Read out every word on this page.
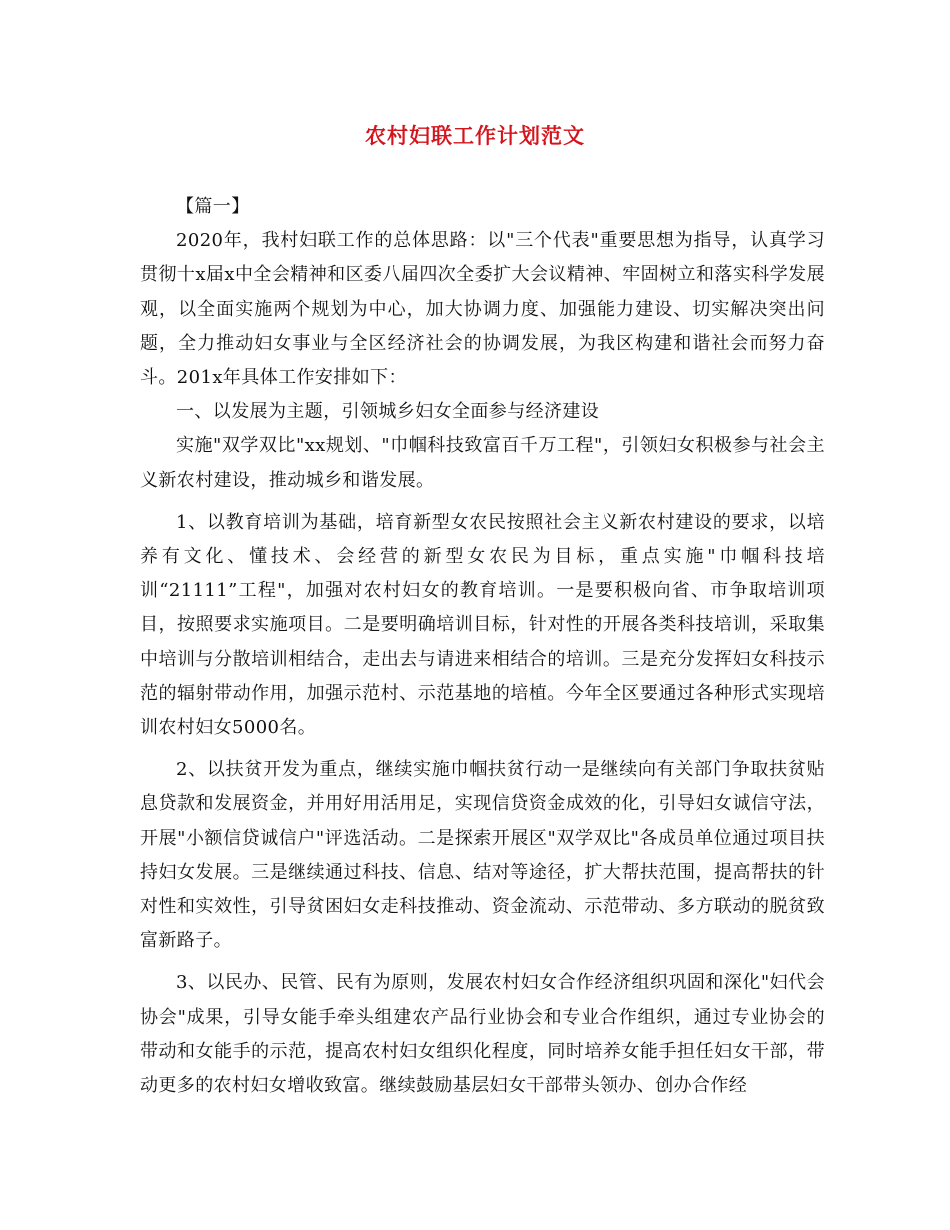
农村妇联工作计划范文

【篇一】

2020年，我村妇联工作的总体思路：以"三个代表"重要思想为指导，认真学习贯彻十x届x中全会精神和区委八届四次全委扩大会议精神、牢固树立和落实科学发展观，以全面实施两个规划为中心，加大协调力度、加强能力建设、切实解决突出问题，全力推动妇女事业与全区经济社会的协调发展，为我区构建和谐社会而努力奋斗。201x年具体工作安排如下：

一、以发展为主题，引领城乡妇女全面参与经济建设

实施"双学双比"xx规划、"巾帼科技致富百千万工程"，引领妇女积极参与社会主义新农村建设，推动城乡和谐发展。

1、以教育培训为基础，培育新型女农民按照社会主义新农村建设的要求，以培养有文化、懂技术、会经营的新型女农民为目标，重点实施"巾帼科技培训“21111”工程"，加强对农村妇女的教育培训。一是要积极向省、市争取培训项目，按照要求实施项目。二是要明确培训目标，针对性的开展各类科技培训，采取集中培训与分散培训相结合，走出去与请进来相结合的培训。三是充分发挥妇女科技示范的辐射带动作用，加强示范村、示范基地的培植。今年全区要通过各种形式实现培训农村妇女5000名。

2、以扶贫开发为重点，继续实施巾帼扶贫行动一是继续向有关部门争取扶贫贴息贷款和发展资金，并用好用活用足，实现信贷资金成效的化，引导妇女诚信守法，开展"小额信贷诚信户"评选活动。二是探索开展区"双学双比"各成员单位通过项目扶持妇女发展。三是继续通过科技、信息、结对等途径，扩大帮扶范围，提高帮扶的针对性和实效性，引导贫困妇女走科技推动、资金流动、示范带动、多方联动的脱贫致富新路子。

3、以民办、民管、民有为原则，发展农村妇女合作经济组织巩固和深化"妇代会协会"成果，引导女能手牵头组建农产品行业协会和专业合作组织，通过专业协会的带动和女能手的示范，提高农村妇女组织化程度，同时培养女能手担任妇女干部，带动更多的农村妇女增收致富。继续鼓励基层妇女干部带头领办、创办合作经
